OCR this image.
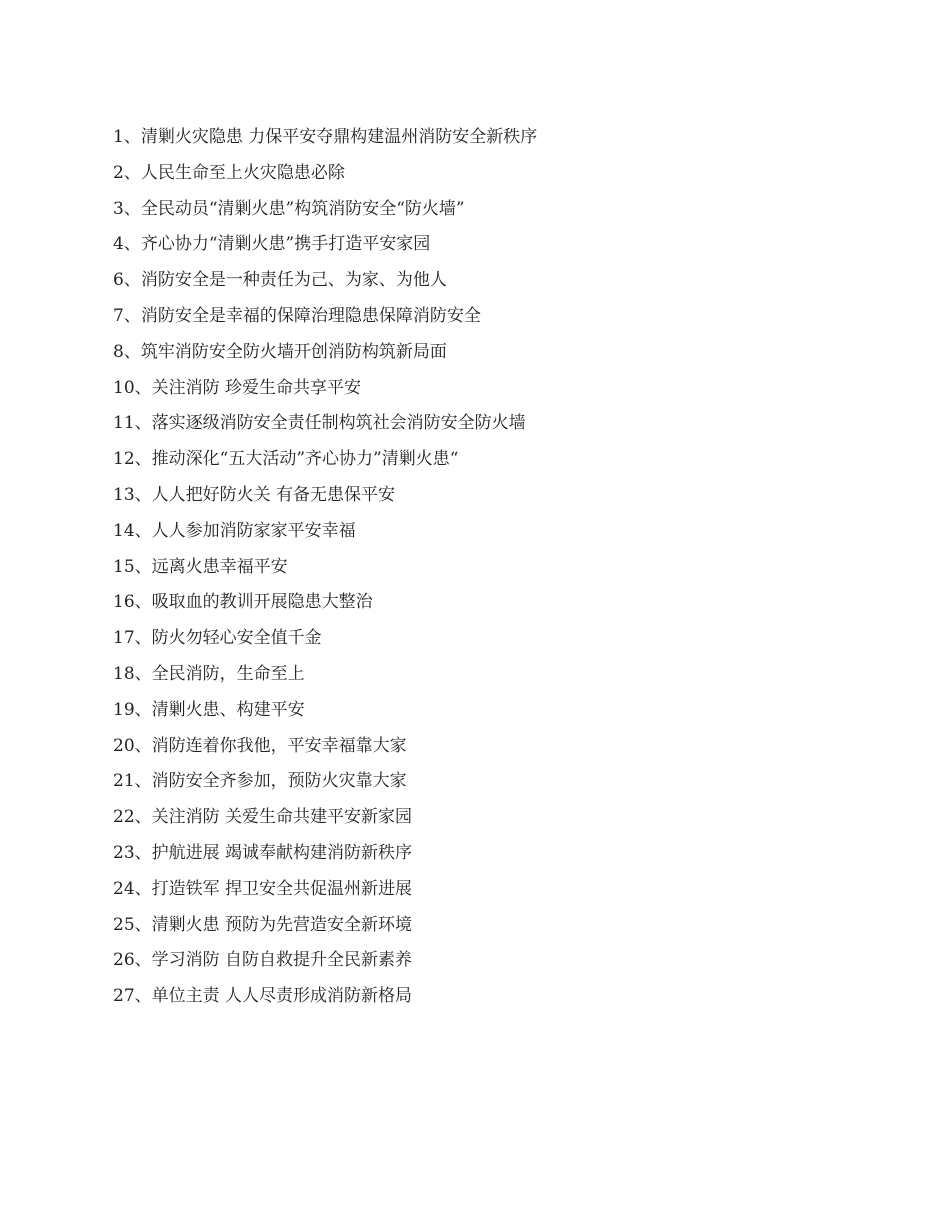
1、清剿火灾隐患 力保平安夺鼎构建温州消防安全新秩序
2、人民生命至上火灾隐患必除
3、全民动员“清剿火患”构筑消防安全“防火墙”
4、齐心协力“清剿火患”携手打造平安家园
6、消防安全是一种责任为己、为家、为他人
7、消防安全是幸福的保障治理隐患保障消防安全
8、筑牢消防安全防火墙开创消防构筑新局面
10、关注消防 珍爱生命共享平安
11、落实逐级消防安全责任制构筑社会消防安全防火墙
12、推动深化“五大活动”齐心协力”清剿火患“
13、人人把好防火关 有备无患保平安
14、人人参加消防家家平安幸福
15、远离火患幸福平安
16、吸取血的教训开展隐患大整治
17、防火勿轻心安全值千金
18、全民消防，生命至上
19、清剿火患、构建平安
20、消防连着你我他，平安幸福靠大家
21、消防安全齐参加，预防火灾靠大家
22、关注消防 关爱生命共建平安新家园
23、护航进展 竭诚奉献构建消防新秩序
24、打造铁军 捍卫安全共促温州新进展
25、清剿火患 预防为先营造安全新环境
26、学习消防 自防自救提升全民新素养
27、单位主责 人人尽责形成消防新格局
